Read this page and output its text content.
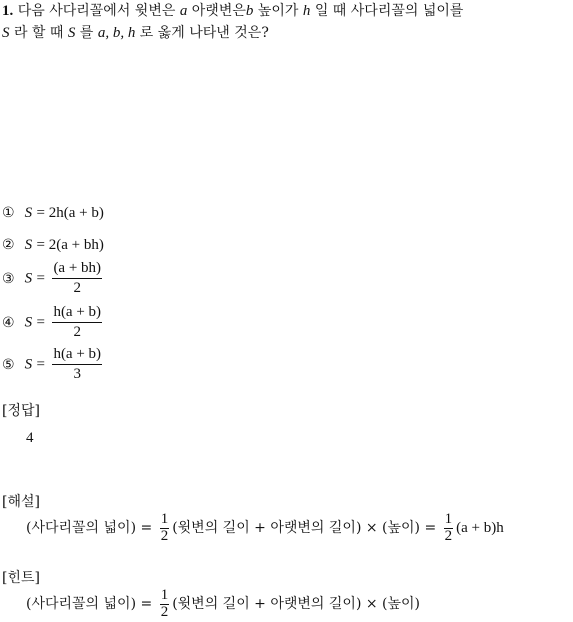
1. 다음 사다리꼴에서 윗변은 a 아랫변은b 높이가 h 일 때 사다리꼴의 넓이를
S 라 할 때 S 를 a, b, h 로 옳게 나타낸 것은?
① S = 2h(a + b)
② S = 2(a + bh)
③ $S = \frac{(a + bh)}{2}$
④ $S = \frac{h(a + b)}{2}$
⑤ $S = \frac{h(a + b)}{3}$
[정답]
4
[해설]
(사다리꼴의 넓이) = $\frac{1}{2}$ (윗변의 길이 + 아랫변의 길이) × (높이) = $\frac{1}{2} (a + b)h$
[힌트]
(사다리꼴의 넓이) = $\frac{1}{2}$ (윗변의 길이 + 아랫변의 길이) × (높이)
